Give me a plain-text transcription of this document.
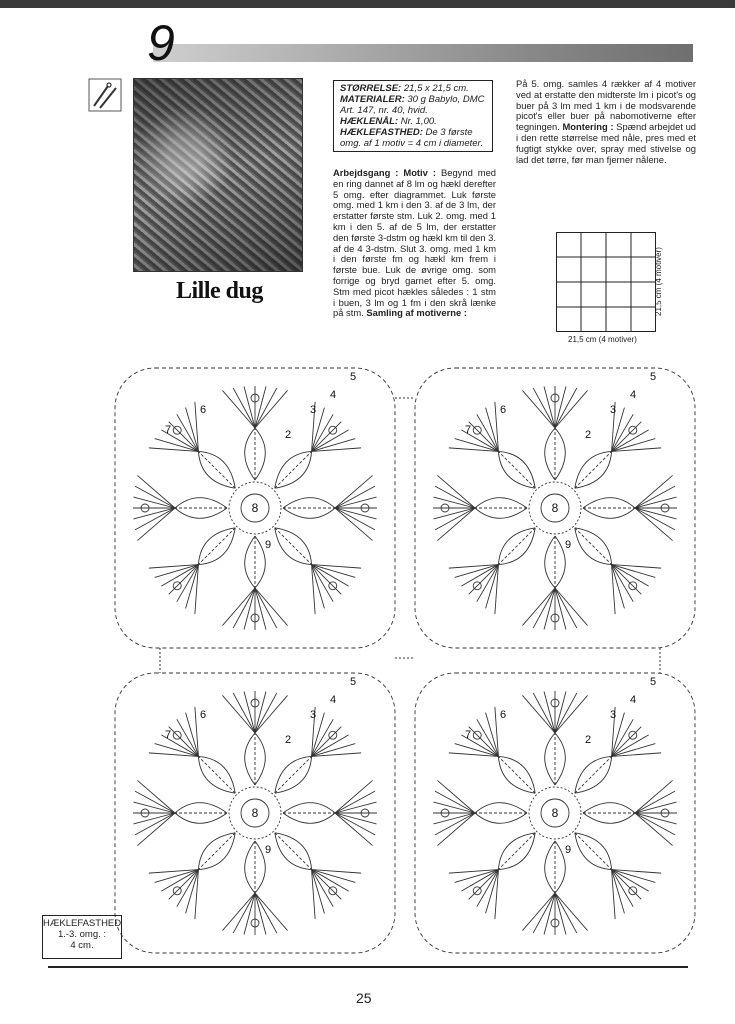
9
Lille dug
STØRRELSE: 21,5 x 21,5 cm.
MATERIALER: 30 g Babylo, DMC Art. 147, nr. 40, hvid.
HÆKLENÅL: Nr. 1,00.
HÆKLEFASTHED: De 3 første omg. af 1 motiv = 4 cm i diameter.
Arbejdsgang : Motiv : Begynd med en ring dannet af 8 lm og hækl derefter 5 omg. efter diagrammet. Luk første omg. med 1 km i den 3. af de 3 lm, der erstatter første stm. Luk 2. omg. med 1 km i den 5. af de 5 lm, der erstatter den første 3-dstm og hækl km til den 3. af de 4 3-dstm. Slut 3. omg. med 1 km i den første fm og hækl km frem i første bue. Luk de øvrige omg. som forrige og bryd garnet efter 5. omg. Stm med picot hækles således : 1 stm i buen, 3 lm og 1 fm i den skrå lænke på stm. Samling af motiverne :
På 5. omg. samles 4 rækker af 4 motiver ved at erstatte den midterste lm i picot's og buer på 3 lm med 1 km i de modsvarende picot's eller buer på nabomotiverne efter tegningen. Montering : Spænd arbejdet ud i den rette størrelse med nåle, pres med et fugtigt stykke over, spray med stivelse og lad det tørre, før man fjerner nålene.
21,5 cm (4 motiver)
21,5 cm (4 motiver)
8
2
3
4
5
6
7
9
8
2
3
4
5
6
7
9
8
2
3
4
5
6
7
9
8
2
3
4
5
6
7
9
HÆKLEFASTHED
1.-3. omg. :
4 cm.
25
